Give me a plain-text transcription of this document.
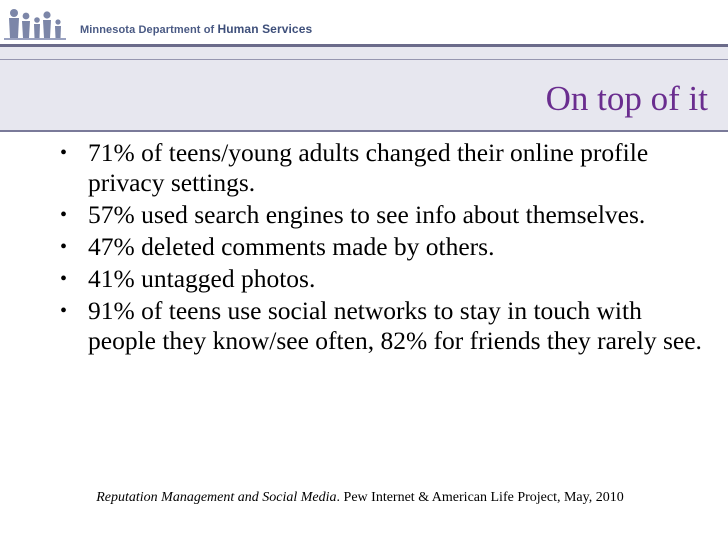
Minnesota Department of Human Services
On top of it
• 71% of teens/young adults changed their online profile privacy settings.
• 57% used search engines to see info about themselves.
• 47% deleted comments made by others.
• 41% untagged photos.
• 91% of teens use social networks to stay in touch with people they know/see often, 82% for friends they rarely see.
Reputation Management and Social Media. Pew Internet & American Life Project, May, 2010
